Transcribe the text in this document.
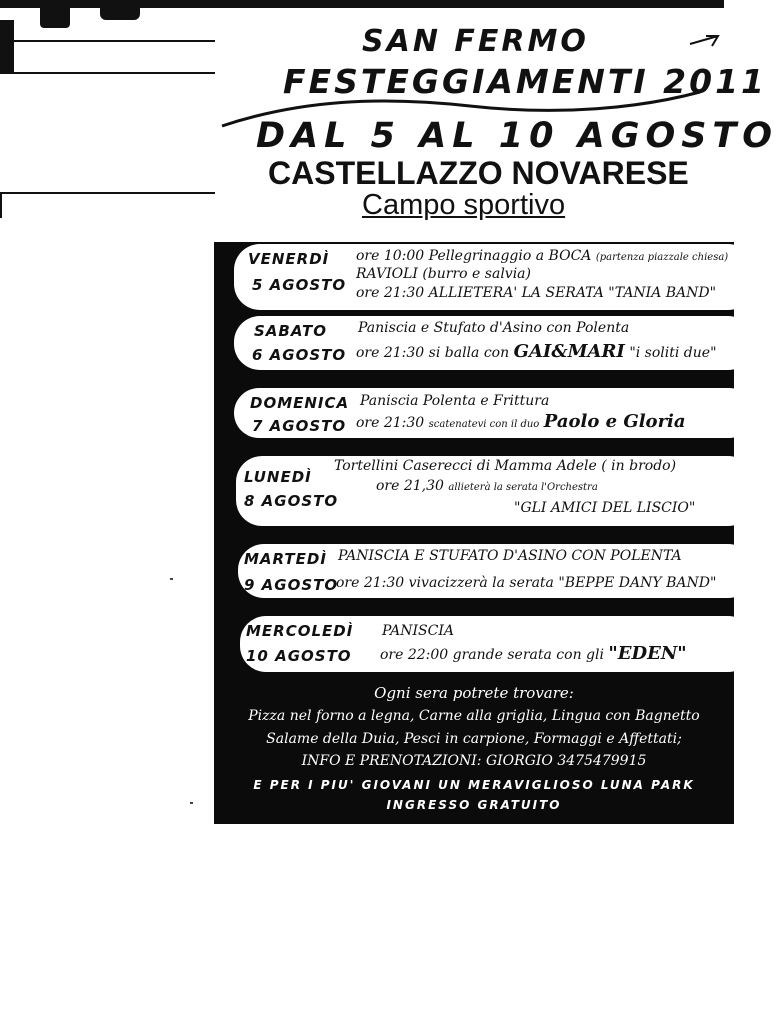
SAN FERMO
FESTEGGIAMENTI 2011
DAL 5 AL 10 AGOSTO
CASTELLAZZO NOVARESE
Campo sportivo
VENERDÌ
5 AGOSTO
ore 10:00 Pellegrinaggio a BOCA (partenza piazzale chiesa)
RAVIOLI (burro e salvia)
ore 21:30 ALLIETERA' LA SERATA "TANIA BAND"
SABATO
6 AGOSTO
Paniscia e Stufato d'Asino con Polenta
ore 21:30 si balla con GAI&MARI "i soliti due"
DOMENICA
7 AGOSTO
Paniscia Polenta e Frittura
ore 21:30 scatenatevi con il duo Paolo e Gloria
LUNEDÌ
8 AGOSTO
Tortellini Caserecci di Mamma Adele ( in brodo)
ore 21,30 allieterà la serata l'Orchestra
"GLI AMICI DEL LISCIO"
MARTEDÌ
9 AGOSTO
PANISCIA E STUFATO D'ASINO CON POLENTA
ore 21:30 vivacizzerà la serata "BEPPE DANY BAND"
MERCOLEDÌ
10 AGOSTO
PANISCIA
ore 22:00 grande serata con gli "EDEN"
Ogni sera potrete trovare:
Pizza nel forno a legna, Carne alla griglia, Lingua con Bagnetto
Salame della Duia, Pesci in carpione, Formaggi e Affettati;
INFO E PRENOTAZIONI: GIORGIO 3475479915
E PER I PIU' GIOVANI UN MERAVIGLIOSO LUNA PARK
INGRESSO GRATUITO
